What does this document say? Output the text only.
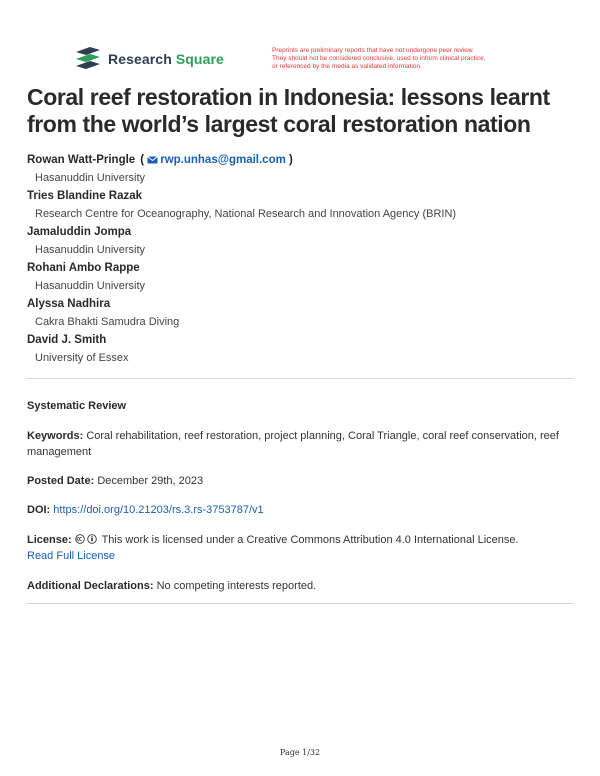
Research Square
Preprints are preliminary reports that have not undergone peer review.
They should not be considered conclusive, used to inform clinical practice,
or referenced by the media as validated information.
Coral reef restoration in Indonesia: lessons learnt from the world’s largest coral restoration nation
Rowan Watt-Pringle ( rwp.unhas@gmail.com )
Hasanuddin University
Tries Blandine Razak
Research Centre for Oceanography, National Research and Innovation Agency (BRIN)
Jamaluddin Jompa
Hasanuddin University
Rohani Ambo Rappe
Hasanuddin University
Alyssa Nadhira
Cakra Bhakti Samudra Diving
David J. Smith
University of Essex
Systematic Review
Keywords: Coral rehabilitation, reef restoration, project planning, Coral Triangle, coral reef conservation, reef management
Posted Date: December 29th, 2023
DOI: https://doi.org/10.21203/rs.3.rs-3753787/v1
License:	This work is licensed under a Creative Commons Attribution 4.0 International License.
Read Full License
Additional Declarations: No competing interests reported.
Page 1/32
